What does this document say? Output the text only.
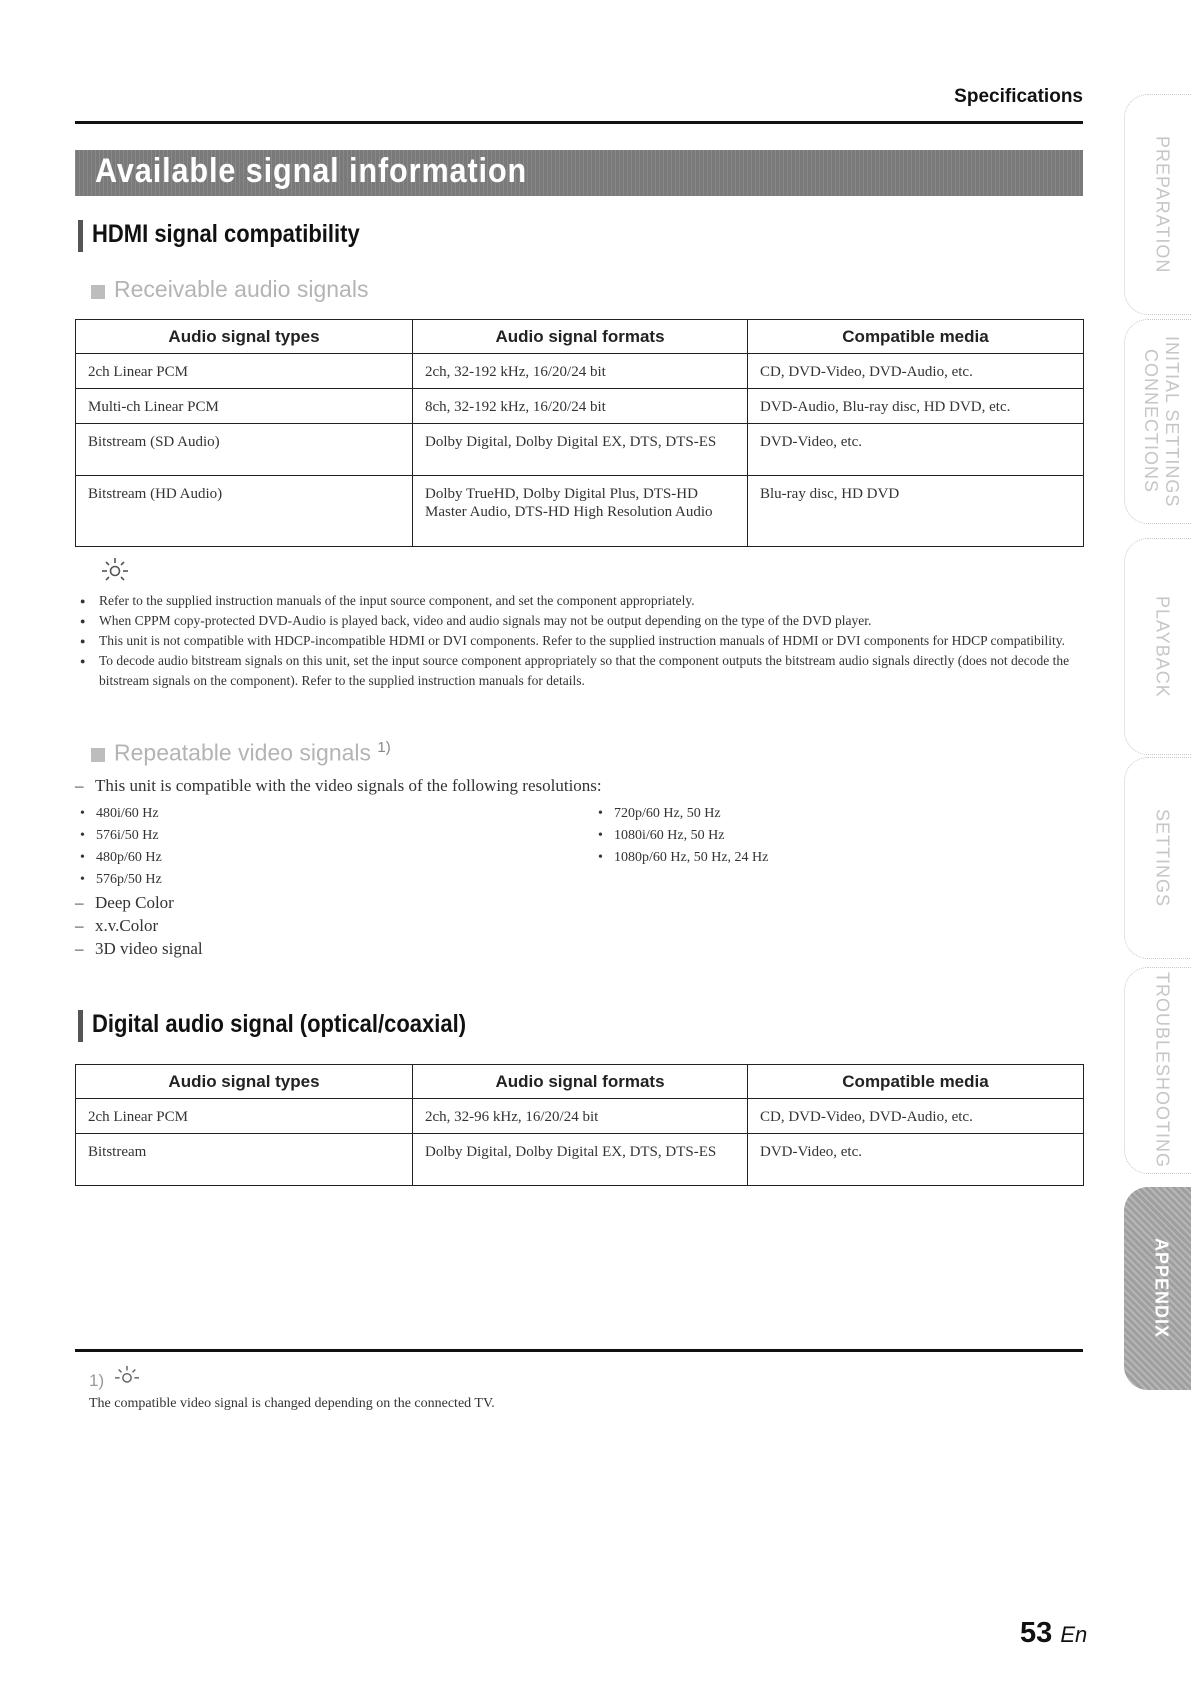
Specifications
Available signal information
HDMI signal compatibility
Receivable audio signals
Audio signal types	Audio signal formats	Compatible media
2ch Linear PCM	2ch, 32-192 kHz, 16/20/24 bit	CD, DVD-Video, DVD-Audio, etc.
Multi-ch Linear PCM	8ch, 32-192 kHz, 16/20/24 bit	DVD-Audio, Blu-ray disc, HD DVD, etc.
Bitstream (SD Audio)	Dolby Digital, Dolby Digital EX, DTS, DTS-ES	DVD-Video, etc.
Bitstream (HD Audio)	Dolby TrueHD, Dolby Digital Plus, DTS-HD Master Audio, DTS-HD High Resolution Audio	Blu-ray disc, HD DVD
● Refer to the supplied instruction manuals of the input source component, and set the component appropriately.
● When CPPM copy-protected DVD-Audio is played back, video and audio signals may not be output depending on the type of the DVD player.
● This unit is not compatible with HDCP-incompatible HDMI or DVI components. Refer to the supplied instruction manuals of HDMI or DVI components for HDCP compatibility.
● To decode audio bitstream signals on this unit, set the input source component appropriately so that the component outputs the bitstream audio signals directly (does not decode the bitstream signals on the component). Refer to the supplied instruction manuals for details.
Repeatable video signals $^{1)}$
– This unit is compatible with the video signals of the following resolutions:
• 480i/60 Hz
• 576i/50 Hz
• 480p/60 Hz
• 576p/50 Hz
• 720p/60 Hz, 50 Hz
• 1080i/60 Hz, 50 Hz
• 1080p/60 Hz, 50 Hz, 24 Hz
– Deep Color
– x.v.Color
– 3D video signal
Digital audio signal (optical/coaxial)
Audio signal types	Audio signal formats	Compatible media
2ch Linear PCM	2ch, 32-96 kHz, 16/20/24 bit	CD, DVD-Video, DVD-Audio, etc.
Bitstream	Dolby Digital, Dolby Digital EX, DTS, DTS-ES	DVD-Video, etc.
1)
The compatible video signal is changed depending on the connected TV.
53 En
PREPARATION
CONNECTIONS INITIAL SETTINGS
PLAYBACK
SETTINGS
TROUBLESHOOTING
APPENDIX
